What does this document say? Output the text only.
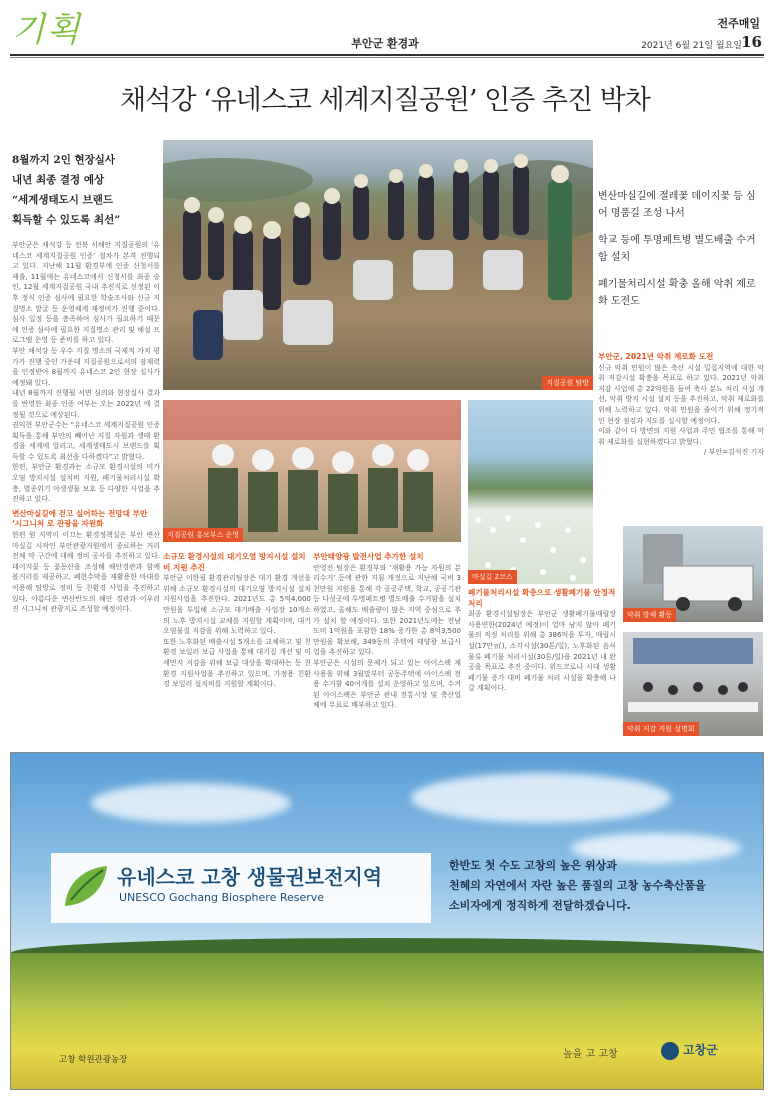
기획	부안군 환경과
전주매일
2021년 6월 21일 월요일 16
채석강 ‘유네스코 세계지질공원’ 인증 추진 박차
8월까지 2인 현장실사
내년 최종 결정 예상
“세계생태도시 브랜드
획득할 수 있도록 최선”

부안군은 채석강 등 전북 서해안 지질공원의 ‘유네스코 세계지질공원 인증’ 절차가 본격 진행되고 있다. 지난해 11월 환경부에 인증 신청서를 제출, 11월에는 유네스코에서 신청서를 최종 승인, 12월 세계지질공원 국내 추진지로 선정된 이후 정식 인증 심사에 필요한 학술조사와 신규 지질명소 발굴 등 운영체계 재정비가 진행 중이다. 심사 일정 등을 충족하여 심사가 필요하기 때문에 인증 심사에 필요한 지질명소 관리 및 해설 프로그램 운영 등 준비를 하고 있다.

부안 채석강 등 우수 지질 명소의 국제적 가치 평가가 진행 중인 가운데 지질공원으로서의 잠재력을 인정받아 8월까지 유네스코 2인 현장 실사가 예정돼 있다.

내년 8월까지 진행될 서면 심의와 현장실사 결과를 반영한 최종 인증 여부는 오는 2022년 에 결정될 것으로 예상된다.

권익현 부안군수는 “유네스코 세계지질공원 인증 획득을 통해 부안의 빼어난 지질 자원과 생태 환경을 세계에 알리고, 세계생태도시 브랜드를 획득할 수 있도록 최선을 다하겠다”고 밝혔다.

한편, 부안군 환경과는 소규모 환경시설의 미가오염 방지시설 설치비 지원, 폐기물처리시설 확충, 멸종위기 야생생물 보호 등 다양한 사업을 추진하고 있다.

변산마실길에 걷고 싶어하는 전망대 부안 ‘시그니처 로 관광을 자원화

한편 원 지역이 이끄는 환경정책실은 부안 변산마실길 시작인 부안관광지원에서 종료하는 거리 전체 약 구간에 대해 정비 공사를 추진하고 있다. 데이지꽃 등 꽃동산을 조성해 해안경관과 함께 볼거리를 제공하고, 폐현수막을 재활용한 마대를 이용해 탐방로 정비 등 친환경 사업을 추진하고 있다. 아름다운 변산반도의 해안 경관과 어우러진 시그니처 관광지로 조성할 예정이다.

지질공원 탐방

변산마실길에 절레꽃 데이지꽃 등 심어 명품길 조성 나서

학교 등에 투명페트병 별도배출 수거함 설치

폐기물처리시설 확충 올해 악취 제로화 도전도

부안군, 2021년 악취 제로화 도전

신규 악취 민원이 많은 축산 시설 밀집지역에 대한 악취 저감시설 확충을 목표로 하고 있다. 2021년 악취 저감 사업에 총 22억원을 들여 축사 분뇨 처리 시설 개선, 악취 방지 시설 설치 등을 추진하고, 악취 제로화를 위해 노력하고 있다. 악취 민원을 줄이기 위해 정기적인 현장 점검과 지도를 실시할 예정이다.

이와 같이 다 방면의 지원 사업과 주민 협조를 통해 악취 제로화를 실현하겠다고 밝혔다.

/ 부안=김석진 기자

지질공원 홍보부스 운영
마실길 2코스
악취 방제 활동
악취 저감 지원 설명회

소규모 환경시설의 대기오염 방지시설 설치비 지원 추진

부안군 이한필 환경관리팀장은 대기 환경 개선을 위해 소규모 환경시설의 대기오염 방지시설 설치 지원사업을 추진한다. 2021년도 총 5억4,000만원을 투입해 소규모 대기배출 사업장 10개소의 노후 방지시설 교체를 지원할 계획이며, 대기오염물질 저감을 위해 노력하고 있다.

또한 노후화된 배출시설 5개소를 교체하고 및 친환경 보일러 보급 사업을 통해 대기질 개선 및 미세먼지 저감을 위해 보급 대상을 확대하는 등 친환경 지원사업을 추진하고 있으며, 가정용 친환경 보일러 설치비를 지원할 계획이다.

부안태양광 발전사업 추가한 설치

안영진 팀장은 환경부와 ‘재활용 가능 자원의 분리수거’ 등에 관한 지침 개정으로 지난해 국비 3천만원 지원을 통해 각 공공주택, 학교, 공공기관 등 다섯곳에 투명페트병 별도배출 수거함을 설치하였고, 올해도 배출량이 많은 지역 중심으로 추가 설치 할 예정이다. 또한 2021년도에는 전남도비 1억원을 포함한 18% 증가한 총 8억3,500만원을 확보해, 349동의 주택에 태양광 보급사업을 추진하고 있다.

부안군은 시설의 문제가 되고 있는 아이스팩 재사용을 위해 3월말부터 공동주택에 아이스팩 전용 수거함 40여개를 설치 운영하고 있으며, 수거된 아이스팩은 부안군 관내 전통시장 및 축산업체에 무료로 배부하고 있다.

폐기물처리시설 확충으로 생활폐기물 안정적 처리

최종 환경시설팀장은 부안군 생활폐기물매립장 사용연한(2024년 예정)이 얼마 남지 않아 폐기물의 적정 처리를 위해 총 386억을 투자, 매립시설(17만㎥), 소각시설(30톤/일), 노후화된 음식물류 폐기물 처리시설(30톤/일)을 2021년 내 완공을 목표로 추진 중이다. 위드코로나 시대 생활폐기물 증가 대비 폐기물 처리 시설을 확충해 나갈 계획이다.

유네스코 고창 생물권보전지역
UNESCO Gochang Biosphere Reserve
한반도 첫 수도 고창의 높은 위상과
천혜의 자연에서 자란 높은 품질의 고창 농수축산품을
소비자에게 정직하게 전달하겠습니다.
고창 학원관광농장	높을 고 고창	고창군
